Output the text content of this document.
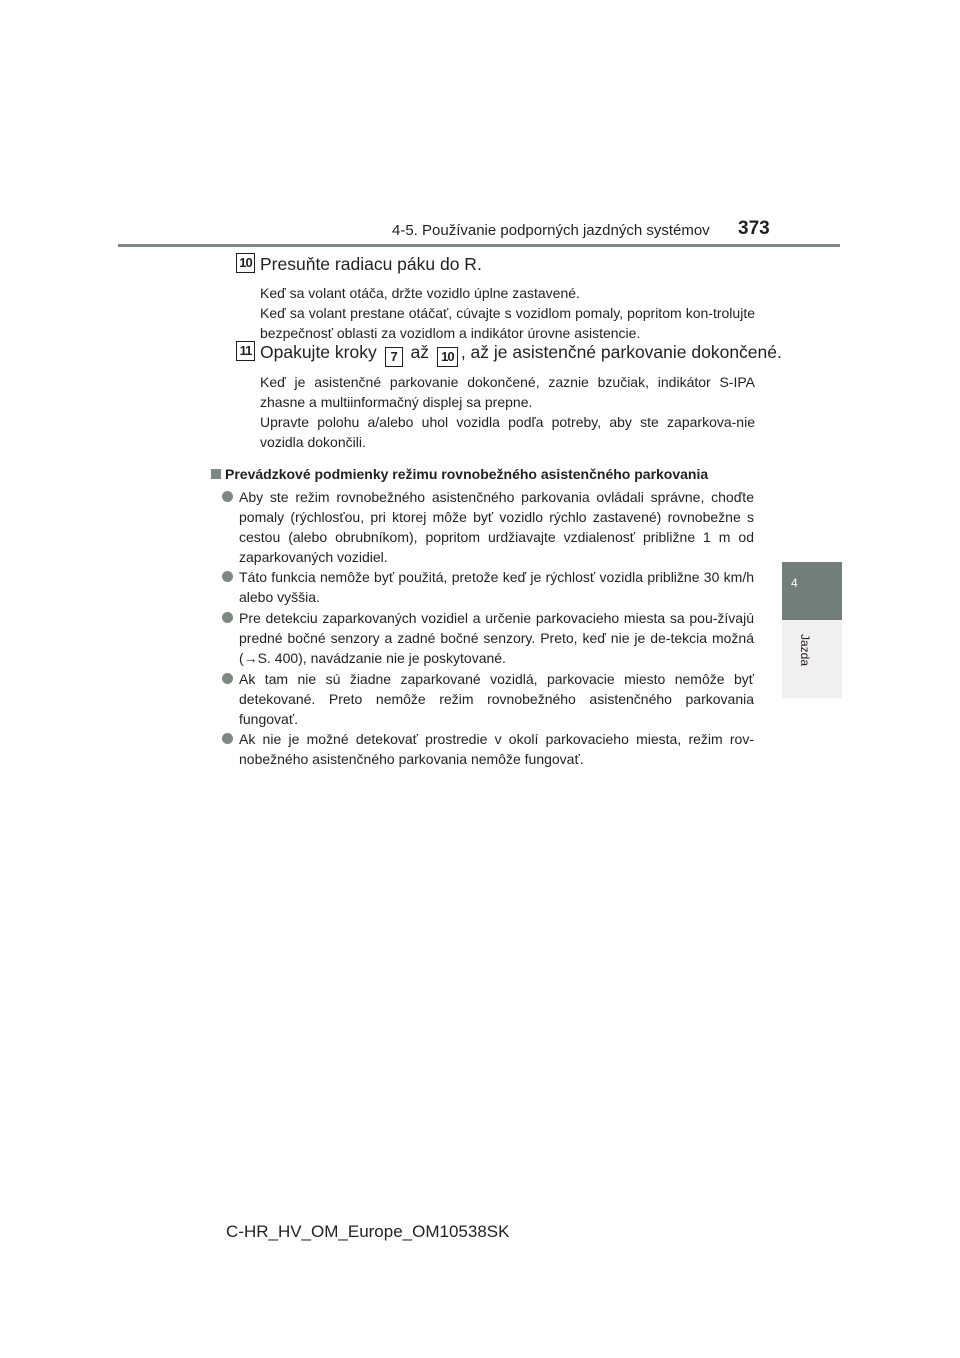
4-5. Používanie podporných jazdných systémov 373
4
Jazda
10 Presuňte radiacu páku do R.
Keď sa volant otáča, držte vozidlo úplne zastavené.
Keď sa volant prestane otáčať, cúvajte s vozidlom pomaly, popritom kon-trolujte bezpečnosť oblasti za vozidlom a indikátor úrovne asistencie.
11 Opakujte kroky 7 až 10 , až je asistenčné parkovanie dokončené.
Keď je asistenčné parkovanie dokončené, zaznie bzučiak, indikátor S-IPA zhasne a multiinformačný displej sa prepne.
Upravte polohu a/alebo uhol vozidla podľa potreby, aby ste zaparkova-nie vozidla dokončili.
Prevádzkové podmienky režimu rovnobežného asistenčného parkovania
Aby ste režim rovnobežného asistenčného parkovania ovládali správne, choďte pomaly (rýchlosťou, pri ktorej môže byť vozidlo rýchlo zastavené) rovnobežne s cestou (alebo obrubníkom), popritom urdžiavajte vzdialenosť približne 1 m od zaparkovaných vozidiel.
Táto funkcia nemôže byť použitá, pretože keď je rýchlosť vozidla približne 30 km/h alebo vyššia.
Pre detekciu zaparkovaných vozidiel a určenie parkovacieho miesta sa pou-žívajú predné bočné senzory a zadné bočné senzory. Preto, keď nie je de-tekcia možná (→S. 400), navádzanie nie je poskytované.
Ak tam nie sú žiadne zaparkované vozidlá, parkovacie miesto nemôže byť detekované. Preto nemôže režim rovnobežného asistenčného parkovania fungovať.
Ak nie je možné detekovať prostredie v okolí parkovacieho miesta, režim rov-nobežného asistenčného parkovania nemôže fungovať.
C-HR_HV_OM_Europe_OM10538SK
